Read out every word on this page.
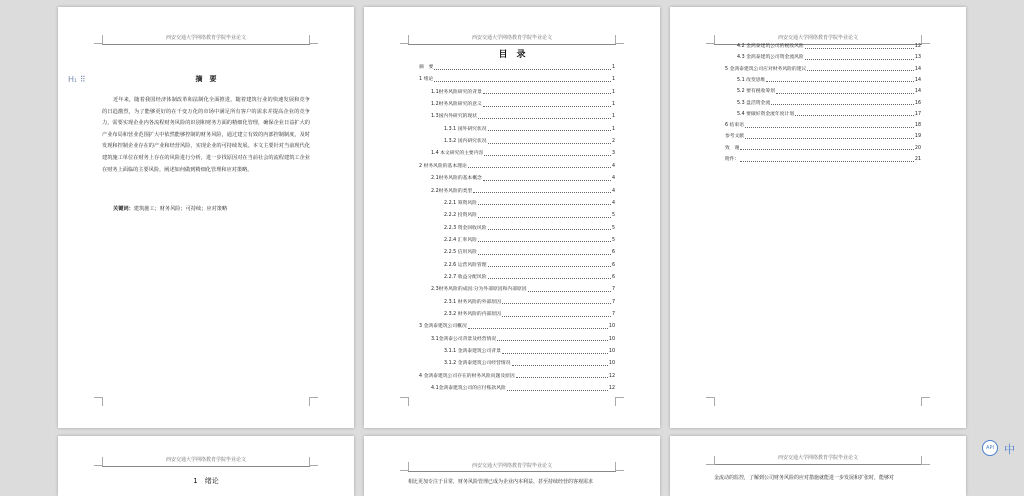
西安交通大学网络教育学院毕业论文
摘　要
近年来，随着我国经济体制改革和法制化全面推进，随着建筑行业的快速发展和竞争的日趋激烈，为了能够更好的在千变万化的市场中满足所有客户的需求并提高企业的竞争力，需要实现企业内各流程财务风险的识别和财务方面的精细化管理，确保企业日益扩大的产业布局和营业范围扩大中依然能够控制的财务风险，通过建立有效的内部控制制度，及时发现和控制企业存在的产业和经营风险，实现企业的可持续发展。本文主要针对当前现代化建筑施工单位在财务上存在的风险进行分析，进一步找原因对在当前社会的流程建筑工企业在财务上面临的主要风险，阐述如何做到精细化管理和应对策略。
关键词：建筑施工；财务风险；可持续；应对策略
H₁ ⠿
西安交通大学网络教育学院毕业论文
目　录
摘　要	1
1 绪论	1
1.1财务风险研究的背景	1
1.2财务风险研究的意义	1
1.3国内外研究的现状	1
1.3.1 国外研究状况	1
1.3.2 国内研究状况	2
1.4 本文研究的主要内容	3
2 财务风险的基本理论	4
2.1财务风险的基本概念	4
2.2财务风险的类型	4
2.2.1 筹资风险	4
2.2.2 投资风险	5
2.2.3 资金回收风险	5
2.2.4 汇率风险	5
2.2.5 信用风险	6
2.2.6 运营风险管理	6
2.2.7 收益分配风险	6
2.3财务风险的成因:分为外部原因和内部原因	7
2.3.1 财务风险的外部原因	7
2.3.2 财务风险的内部原因	7
3 金鸿泰建筑公司概况	10
3.1金鸿泰公司背景及经营情况	10
3.1.1 金鸿泰建筑公司背景	10
3.1.2 金鸿泰建筑公司经营情况	10
4 金鸿泰建筑公司存在的财务风险问题及原因	12
4.1金鸿泰建筑公司的应付账款风险	12
西安交通大学网络教育学院毕业论文
4.2 金鸿泰建筑公司的税收风险	12
4.3 金鸿泰建筑公司资金流风险	13
5 金鸿泰建筑公司应对财务风险的建议	14
5.1 改变思维	14
5.2 要有税收筹划	14
5.3 盘活资金流	16
5.4 要做好资金流年度计划	17
6 结束语	18
参考文献	19
致　谢	20
附件：	21
西安交通大学网络教育学院毕业论文
1　绪论
西安交通大学网络教育学院毕业论文
相比更加专注于目常，财务风险管理已成为企业内本利益、甚至持续经营的客观需求
西安交通大学网络教育学院毕业论文
金流动的监控，了解到公司财务风险的应对措施就能进一步发展和扩张时，能够对
API 中
